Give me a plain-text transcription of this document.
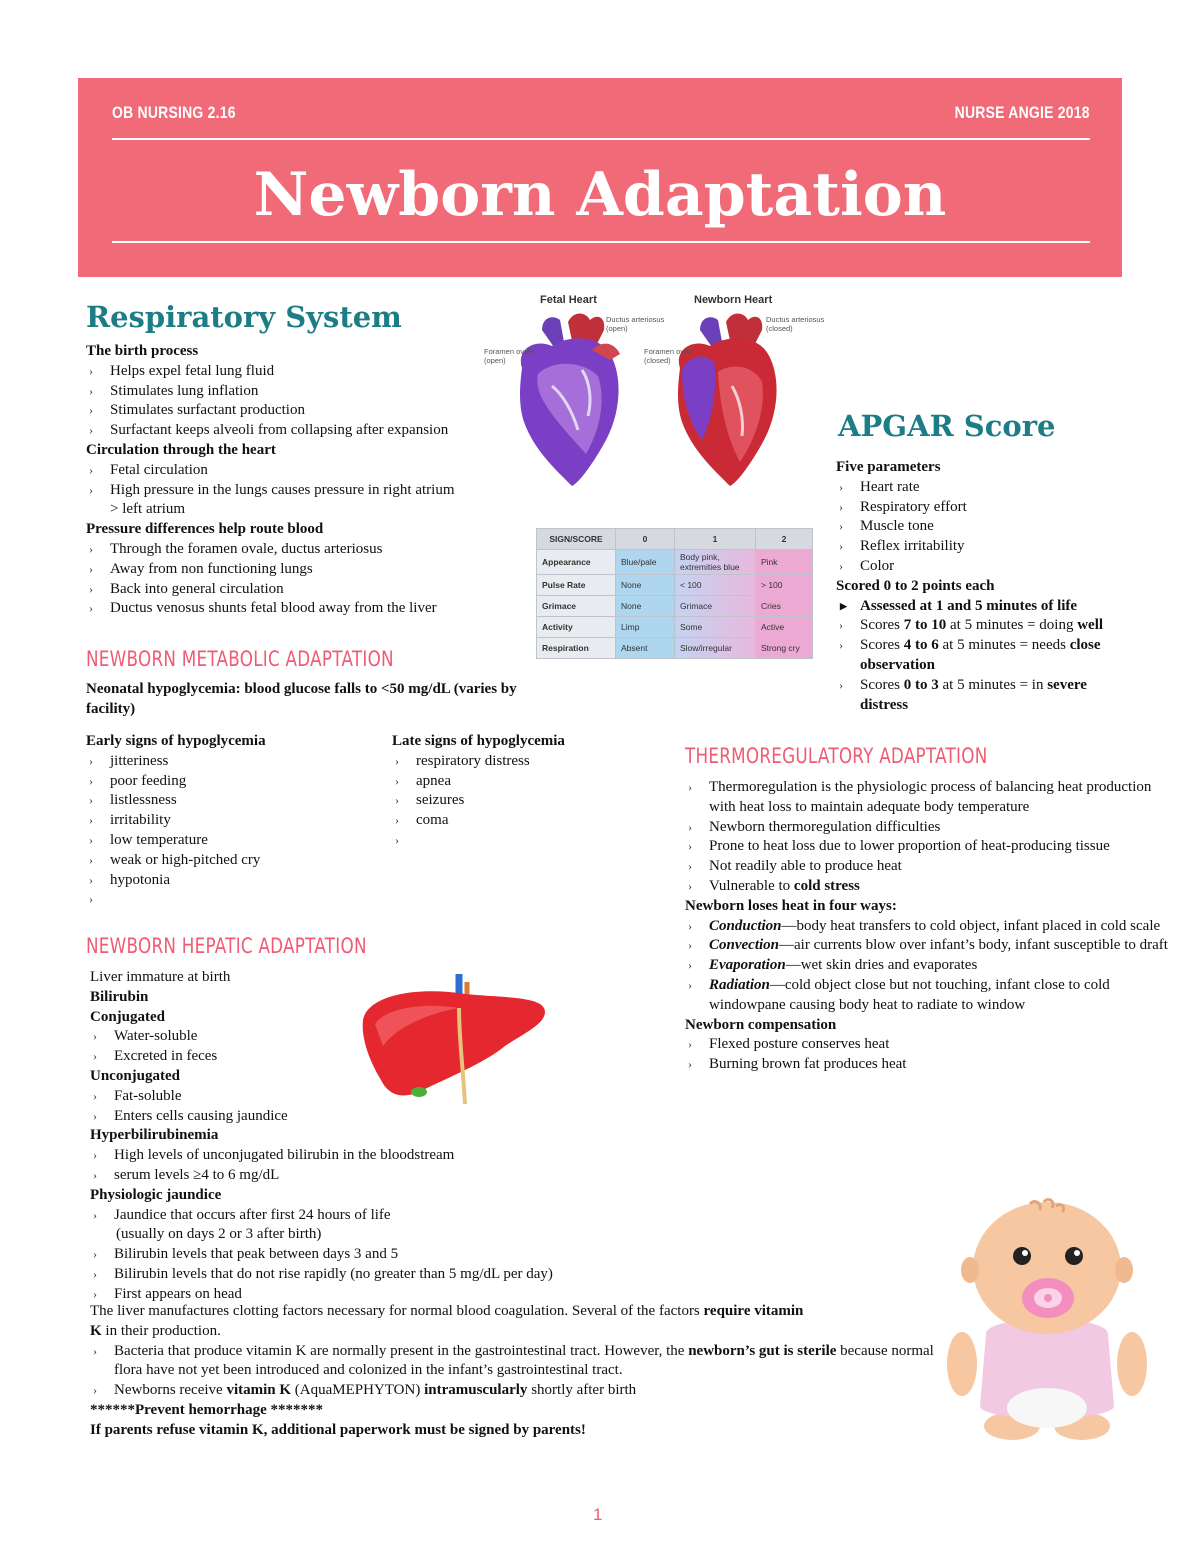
OB NURSING 2.16	NURSE ANGIE 2018
Newborn Adaptation
Respiratory System
The birth process
› Helps expel fetal lung fluid
› Stimulates lung inflation
› Stimulates surfactant production
› Surfactant keeps alveoli from collapsing after expansion
Circulation through the heart
› Fetal circulation
› High pressure in the lungs causes pressure in right atrium
> left atrium
Pressure differences help route blood
› Through the foramen ovale, ductus arteriosus
› Away from non functioning lungs
› Back into general circulation
› Ductus venosus shunts fetal blood away from the liver
Fetal Heart	Newborn Heart
Ductus arteriosus
(open)
Foramen ovale
(open)
Ductus arteriosus
(closed)
Foramen ovale
(closed)
SIGN/SCORE	0	1	2
Appearance	Blue/pale	Body pink, extremities blue	Pink
Pulse Rate	None	< 100	> 100
Grimace	None	Grimace	Cries
Activity	Limp	Some	Active
Respiration	Absent	Slow/irregular	Strong cry
APGAR Score
Five parameters
› Heart rate
› Respiratory effort
› Muscle tone
› Reflex irritability
› Color
Scored 0 to 2 points each
▶ Assessed at 1 and 5 minutes of life
› Scores 7 to 10 at 5 minutes = doing well
› Scores 4 to 6 at 5 minutes = needs close
observation
› Scores 0 to 3 at 5 minutes = in severe
distress
NEWBORN METABOLIC ADAPTATION
Neonatal hypoglycemia: blood glucose falls to <50 mg/dL (varies by
facility)
Early signs of hypoglycemia
› jitteriness
› poor feeding
› listlessness
› irritability
› low temperature
› weak or high-pitched cry
› hypotonia
›
Late signs of hypoglycemia
› respiratory distress
› apnea
› seizures
› coma
›
THERMOREGULATORY ADAPTATION
› Thermoregulation is the physiologic process of balancing heat production with heat loss to maintain adequate body temperature
› Newborn thermoregulation difficulties
› Prone to heat loss due to lower proportion of heat-producing tissue
› Not readily able to produce heat
› Vulnerable to cold stress
Newborn loses heat in four ways:
› Conduction—body heat transfers to cold object, infant placed in cold scale
› Convection—air currents blow over infant’s body, infant susceptible to draft
› Evaporation—wet skin dries and evaporates
› Radiation—cold object close but not touching, infant close to cold windowpane causing body heat to radiate to window
Newborn compensation
› Flexed posture conserves heat
› Burning brown fat produces heat
NEWBORN HEPATIC ADAPTATION
Liver immature at birth
Bilirubin
Conjugated
› Water-soluble
› Excreted in feces
Unconjugated
› Fat-soluble
› Enters cells causing jaundice
Hyperbilirubinemia
› High levels of unconjugated bilirubin in the bloodstream
› serum levels ≥4 to 6 mg/dL
Physiologic jaundice
› Jaundice that occurs after first 24 hours of life
(usually on days 2 or 3 after birth)
› Bilirubin levels that peak between days 3 and 5
› Bilirubin levels that do not rise rapidly (no greater than 5 mg/dL per day)
› First appears on head
The liver manufactures clotting factors necessary for normal blood coagulation. Several of the factors require vitamin
K in their production.
› Bacteria that produce vitamin K are normally present in the gastrointestinal tract. However, the newborn’s gut is sterile because normal flora have not yet been introduced and colonized in the infant’s gastrointestinal tract.
› Newborns receive vitamin K (AquaMEPHYTON) intramuscularly shortly after birth
******Prevent hemorrhage *******
If parents refuse vitamin K, additional paperwork must be signed by parents!
1
